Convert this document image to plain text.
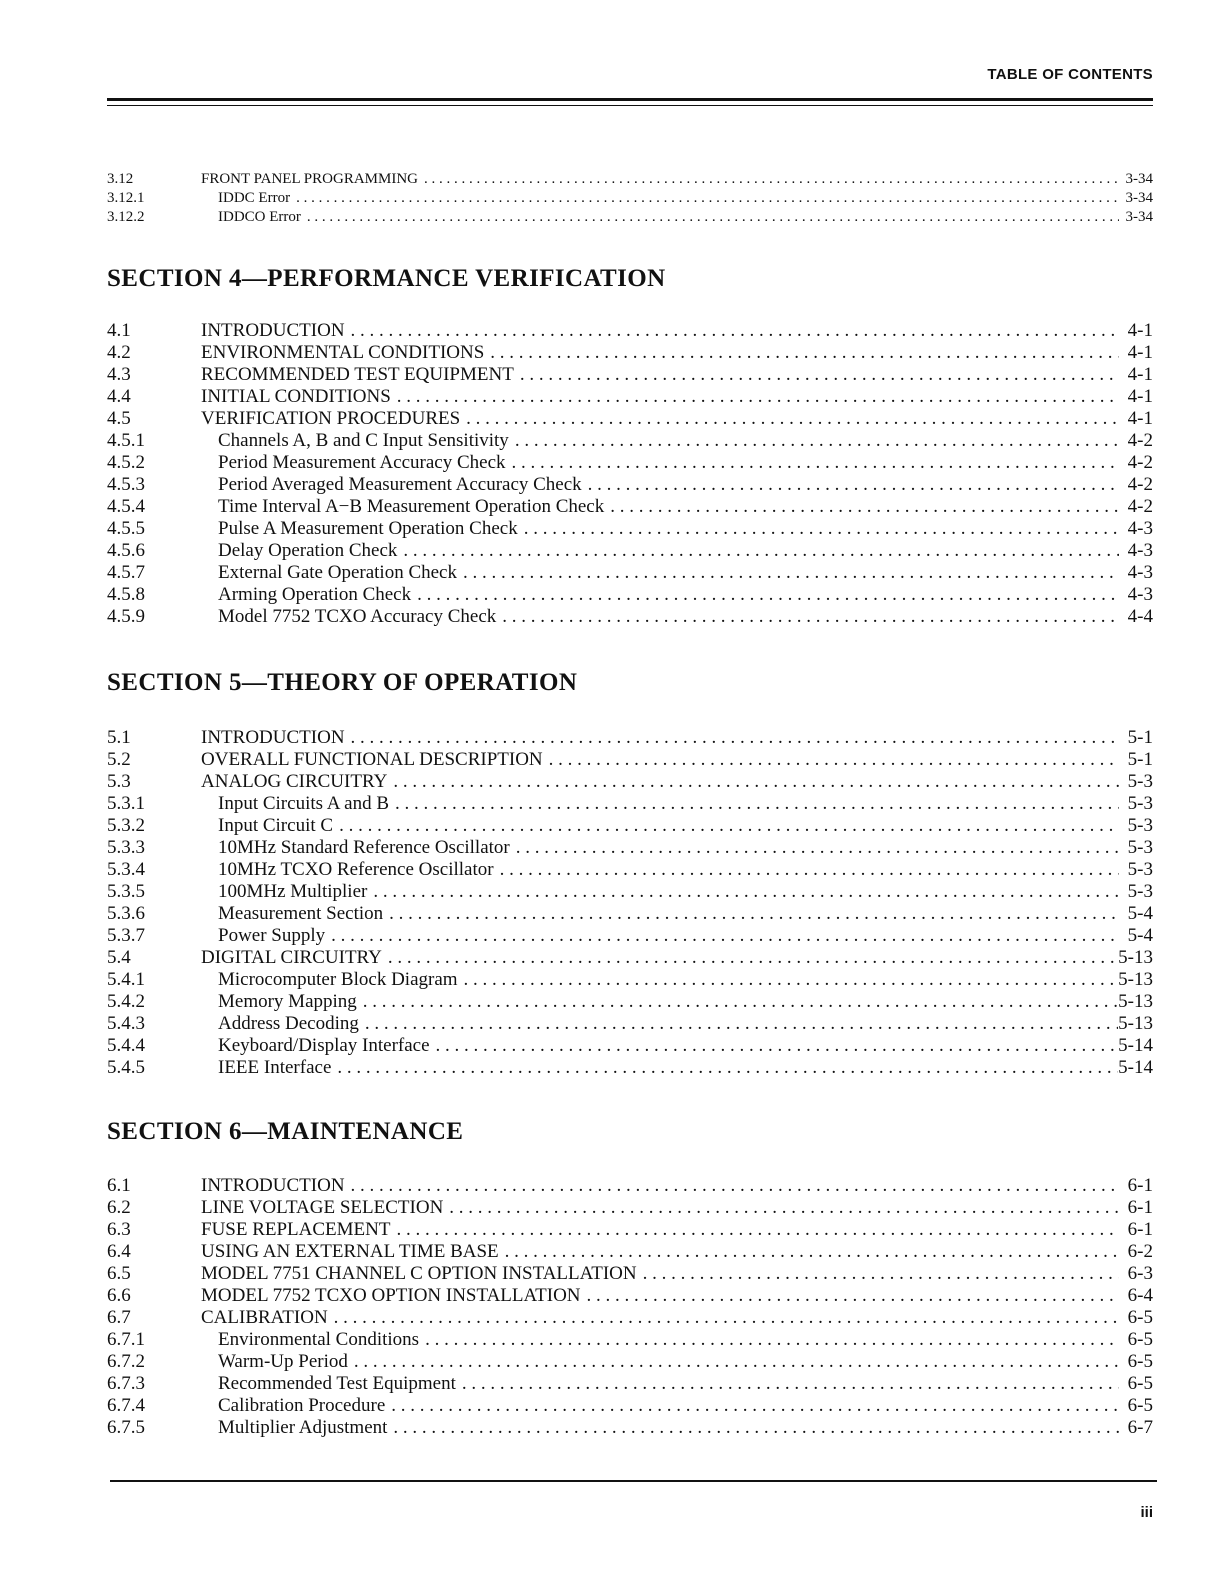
TABLE OF CONTENTS
3.12	FRONT PANEL PROGRAMMING . . .	3-34
3.12.1	IDDC Error . . .	3-34
3.12.2	IDDCO Error . . .	3-34
SECTION 4—PERFORMANCE VERIFICATION
4.1	INTRODUCTION . . .	4-1
4.2	ENVIRONMENTAL CONDITIONS . . .	4-1
4.3	RECOMMENDED TEST EQUIPMENT . . .	4-1
4.4	INITIAL CONDITIONS . . .	4-1
4.5	VERIFICATION PROCEDURES . . .	4-1
4.5.1	Channels A, B and C Input Sensitivity . . .	4-2
4.5.2	Period Measurement Accuracy Check . . .	4-2
4.5.3	Period Averaged Measurement Accuracy Check . . .	4-2
4.5.4	Time Interval A−B Measurement Operation Check . . .	4-2
4.5.5	Pulse A Measurement Operation Check . . .	4-3
4.5.6	Delay Operation Check . . .	4-3
4.5.7	External Gate Operation Check . . .	4-3
4.5.8	Arming Operation Check . . .	4-3
4.5.9	Model 7752 TCXO Accuracy Check . . .	4-4
SECTION 5—THEORY OF OPERATION
5.1	INTRODUCTION . . .	5-1
5.2	OVERALL FUNCTIONAL DESCRIPTION . . .	5-1
5.3	ANALOG CIRCUITRY . . .	5-3
5.3.1	Input Circuits A and B . . .	5-3
5.3.2	Input Circuit C . . .	5-3
5.3.3	10MHz Standard Reference Oscillator . . .	5-3
5.3.4	10MHz TCXO Reference Oscillator . . .	5-3
5.3.5	100MHz Multiplier . . .	5-3
5.3.6	Measurement Section . . .	5-4
5.3.7	Power Supply . . .	5-4
5.4	DIGITAL CIRCUITRY . . .	5-13
5.4.1	Microcomputer Block Diagram . . .	5-13
5.4.2	Memory Mapping . . .	5-13
5.4.3	Address Decoding . . .	5-13
5.4.4	Keyboard/Display Interface . . .	5-14
5.4.5	IEEE Interface . . .	5-14
SECTION 6—MAINTENANCE
6.1	INTRODUCTION . . .	6-1
6.2	LINE VOLTAGE SELECTION . . .	6-1
6.3	FUSE REPLACEMENT . . .	6-1
6.4	USING AN EXTERNAL TIME BASE . . .	6-2
6.5	MODEL 7751 CHANNEL C OPTION INSTALLATION . . .	6-3
6.6	MODEL 7752 TCXO OPTION INSTALLATION . . .	6-4
6.7	CALIBRATION . . .	6-5
6.7.1	Environmental Conditions . . .	6-5
6.7.2	Warm-Up Period . . .	6-5
6.7.3	Recommended Test Equipment . . .	6-5
6.7.4	Calibration Procedure . . .	6-5
6.7.5	Multiplier Adjustment . . .	6-7
iii
